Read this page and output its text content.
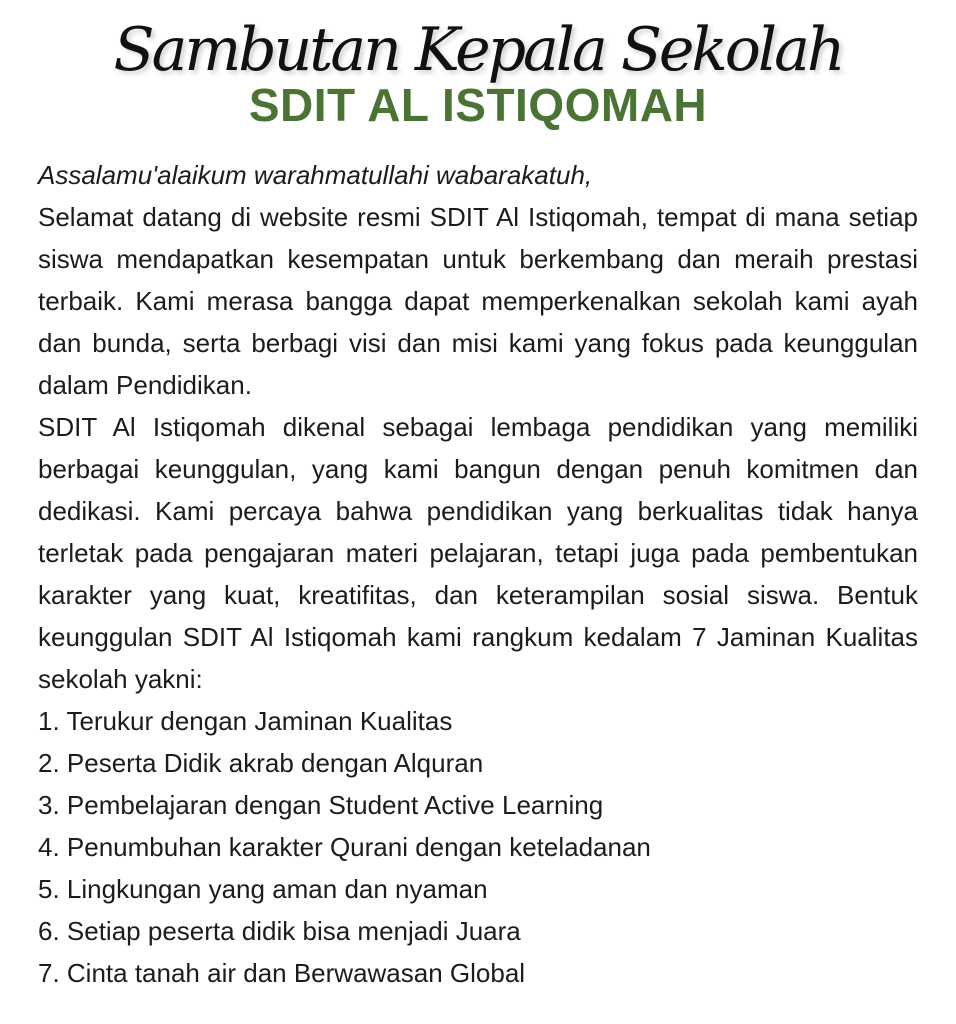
Sambutan Kepala Sekolah
SDIT AL ISTIQOMAH

Assalamu'alaikum warahmatullahi wabarakatuh,

Selamat datang di website resmi SDIT Al Istiqomah, tempat di mana setiap siswa mendapatkan kesempatan untuk berkembang dan meraih prestasi terbaik. Kami merasa bangga dapat memperkenalkan sekolah kami ayah dan bunda, serta berbagi visi dan misi kami yang fokus pada keunggulan dalam Pendidikan.

SDIT Al Istiqomah dikenal sebagai lembaga pendidikan yang memiliki berbagai keunggulan, yang kami bangun dengan penuh komitmen dan dedikasi. Kami percaya bahwa pendidikan yang berkualitas tidak hanya terletak pada pengajaran materi pelajaran, tetapi juga pada pembentukan karakter yang kuat, kreatifitas, dan keterampilan sosial siswa. Bentuk keunggulan SDIT Al Istiqomah kami rangkum kedalam 7 Jaminan Kualitas sekolah yakni:

1. Terukur dengan Jaminan Kualitas
2. Peserta Didik akrab dengan Alquran
3. Pembelajaran dengan Student Active Learning
4. Penumbuhan karakter Qurani dengan keteladanan
5. Lingkungan yang aman dan nyaman
6. Setiap peserta didik bisa menjadi Juara
7. Cinta tanah air dan Berwawasan Global
